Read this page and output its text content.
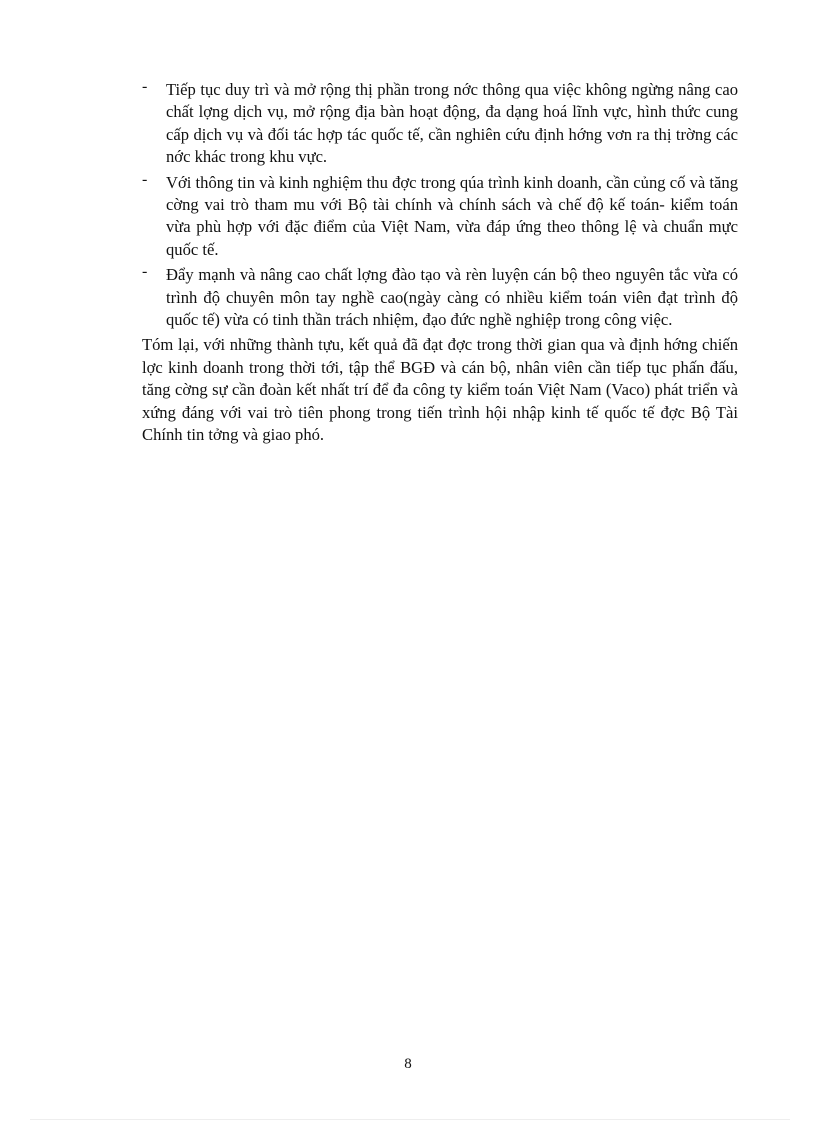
- Tiếp tục duy trì và mở rộng thị phần trong nớc thông qua việc không ngừng nâng cao chất lợng dịch vụ, mở rộng địa bàn hoạt động, đa dạng hoá lĩnh vực, hình thức cung cấp dịch vụ và đối tác hợp tác quốc tế, cần nghiên cứu định hớng vơn ra thị trờng các nớc khác trong khu vực.
- Với thông tin và kinh nghiệm thu đợc trong qúa trình kinh doanh, cần củng cố và tăng cờng vai trò tham mu với Bộ tài chính và chính sách và chế độ kế toán- kiểm toán vừa phù hợp với đặc điểm của Việt Nam, vừa đáp ứng theo thông lệ và chuẩn mực quốc tế.
- Đẩy mạnh và nâng cao chất lợng đào tạo và rèn luyện cán bộ theo nguyên tắc vừa có trình độ chuyên môn tay nghề cao(ngày càng có nhiều kiểm toán viên đạt trình độ quốc tế) vừa có tinh thần trách nhiệm, đạo đức nghề nghiệp trong công việc.

Tóm lại, với những thành tựu, kết quả đã đạt đợc trong thời gian qua và định hớng chiến lợc kinh doanh trong thời tới, tập thể BGĐ và cán bộ, nhân viên cần tiếp tục phấn đấu, tăng cờng sự cần đoàn kết nhất trí để đa công ty kiểm toán Việt Nam (Vaco) phát triển và xứng đáng với vai trò tiên phong trong tiến trình hội nhập kinh tế quốc tế đợc Bộ Tài Chính tin tởng và giao phó.

8
